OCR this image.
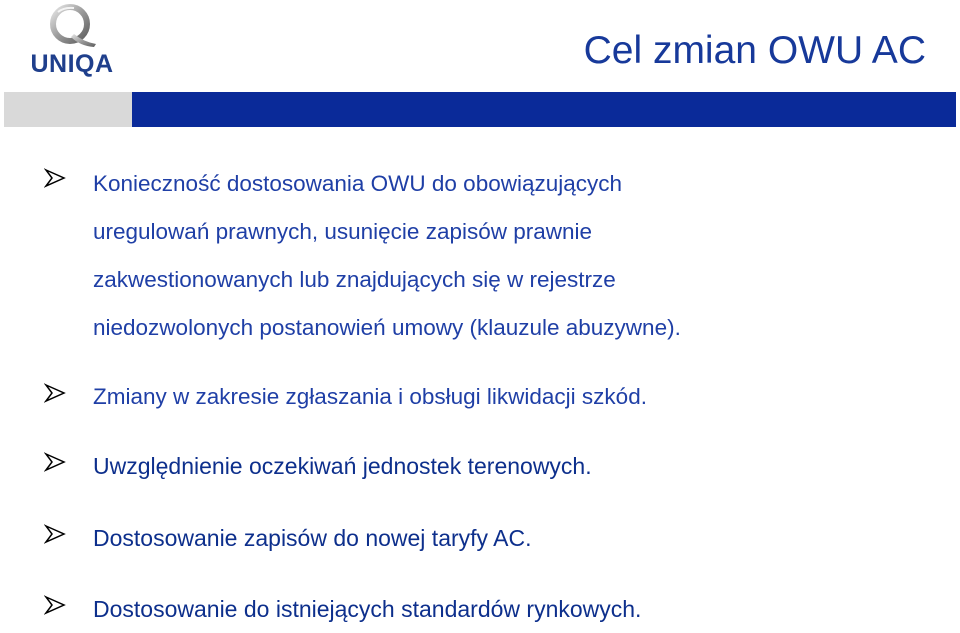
UNIQA	Cel zmian OWU AC
Konieczność dostosowania OWU do obowiązujących
uregulowań prawnych, usunięcie zapisów prawnie
zakwestionowanych lub znajdujących się w rejestrze
niedozwolonych postanowień umowy (klauzule abuzywne).
Zmiany w zakresie zgłaszania i obsługi likwidacji szkód.
Uwzględnienie oczekiwań jednostek terenowych.
Dostosowanie zapisów do nowej taryfy AC.
Dostosowanie do istniejących standardów rynkowych.
